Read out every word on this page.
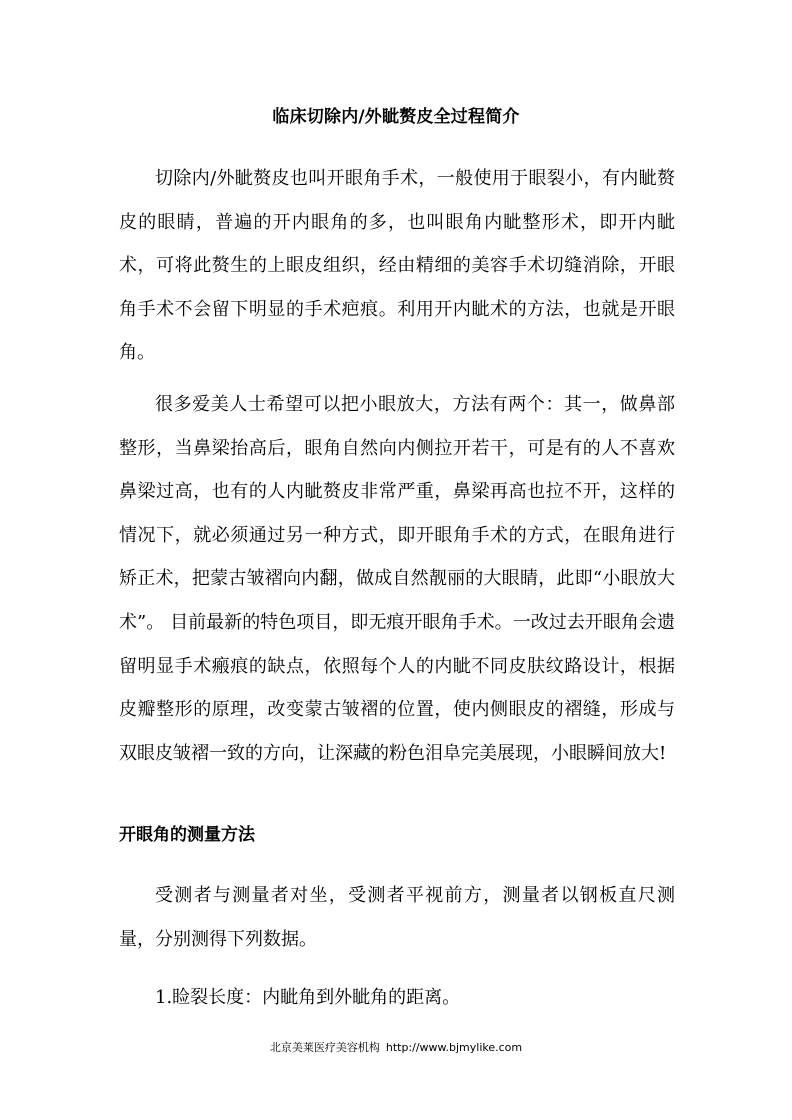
临床切除内/外眦赘皮全过程简介

切除内/外眦赘皮也叫开眼角手术，一般使用于眼裂小，有内眦赘皮的眼睛，普遍的开内眼角的多，也叫眼角内眦整形术，即开内眦术，可将此赘生的上眼皮组织，经由精细的美容手术切缝消除，开眼角手术不会留下明显的手术疤痕。利用开内眦术的方法，也就是开眼角。

很多爱美人士希望可以把小眼放大，方法有两个：其一，做鼻部整形，当鼻梁抬高后，眼角自然向内侧拉开若干，可是有的人不喜欢鼻梁过高，也有的人内眦赘皮非常严重，鼻梁再高也拉不开，这样的情况下，就必须通过另一种方式，即开眼角手术的方式，在眼角进行矫正术，把蒙古皱褶向内翻，做成自然靓丽的大眼睛，此即“小眼放大术”。 目前最新的特色项目，即无痕开眼角手术。一改过去开眼角会遗留明显手术瘢痕的缺点，依照每个人的内眦不同皮肤纹路设计，根据皮瓣整形的原理，改变蒙古皱褶的位置，使内侧眼皮的褶缝，形成与双眼皮皱褶一致的方向，让深藏的粉色泪阜完美展现，小眼瞬间放大!

开眼角的测量方法

受测者与测量者对坐，受测者平视前方，测量者以钢板直尺测量，分别测得下列数据。

1.睑裂长度：内眦角到外眦角的距离。

北京美莱医疗美容机构 http://www.bjmylike.com
